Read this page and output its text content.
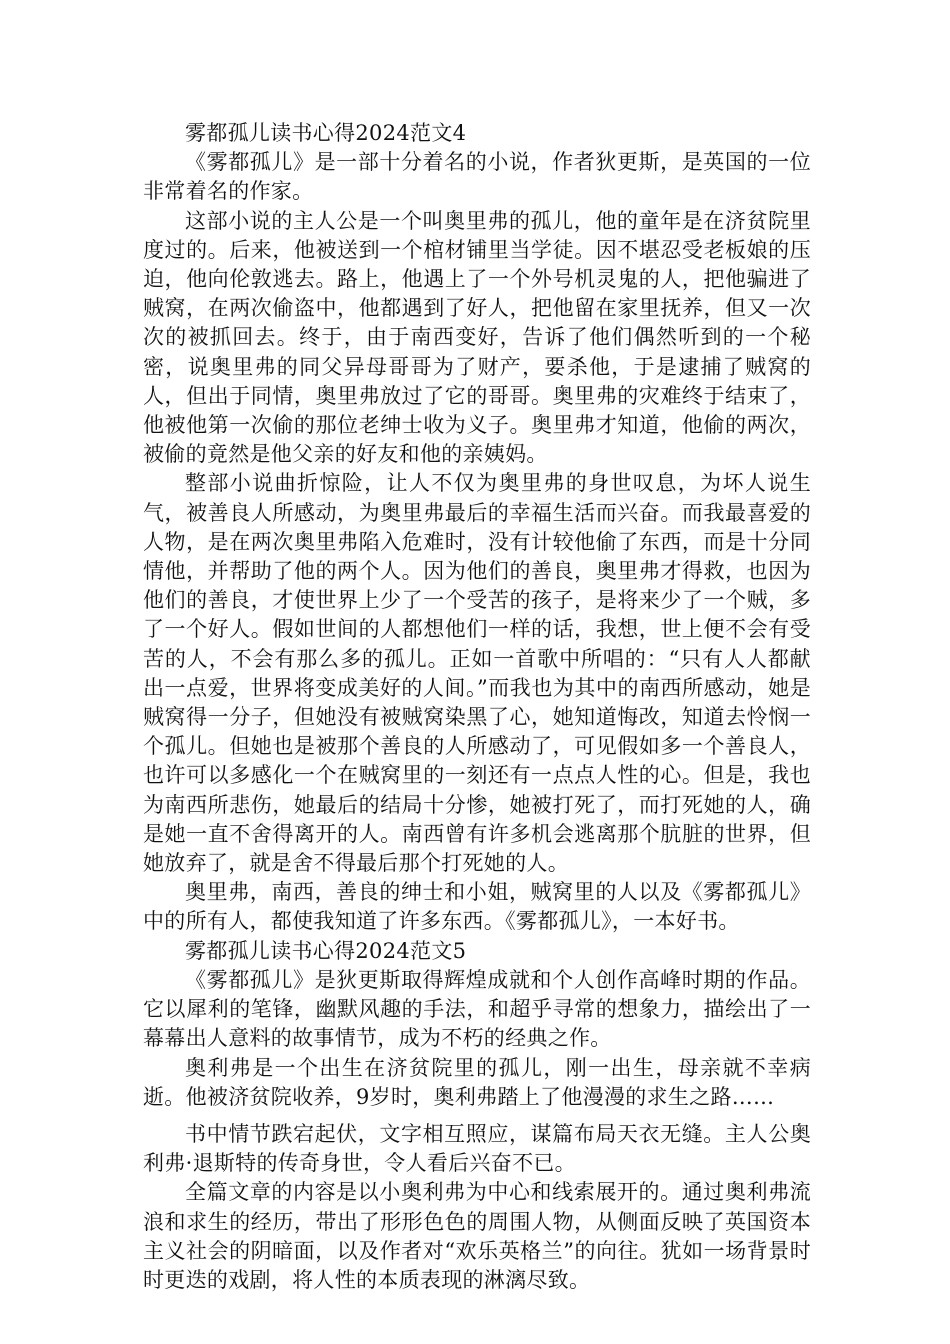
雾都孤儿读书心得2024范文4

《雾都孤儿》是一部十分着名的小说，作者狄更斯，是英国的一位非常着名的作家。

这部小说的主人公是一个叫奥里弗的孤儿，他的童年是在济贫院里度过的。后来，他被送到一个棺材铺里当学徒。因不堪忍受老板娘的压迫，他向伦敦逃去。路上，他遇上了一个外号机灵鬼的人，把他骗进了贼窝，在两次偷盗中，他都遇到了好人，把他留在家里抚养，但又一次次的被抓回去。终于，由于南西变好，告诉了他们偶然听到的一个秘密，说奥里弗的同父异母哥哥为了财产，要杀他，于是逮捕了贼窝的人，但出于同情，奥里弗放过了它的哥哥。奥里弗的灾难终于结束了，他被他第一次偷的那位老绅士收为义子。奥里弗才知道，他偷的两次，被偷的竟然是他父亲的好友和他的亲姨妈。

整部小说曲折惊险，让人不仅为奥里弗的身世叹息，为坏人说生气，被善良人所感动，为奥里弗最后的幸福生活而兴奋。而我最喜爱的人物，是在两次奥里弗陷入危难时，没有计较他偷了东西，而是十分同情他，并帮助了他的两个人。因为他们的善良，奥里弗才得救，也因为他们的善良，才使世界上少了一个受苦的孩子，是将来少了一个贼，多了一个好人。假如世间的人都想他们一样的话，我想，世上便不会有受苦的人，不会有那么多的孤儿。正如一首歌中所唱的：“只有人人都献出一点爱，世界将变成美好的人间。”而我也为其中的南西所感动，她是贼窝得一分子，但她没有被贼窝染黑了心，她知道悔改，知道去怜悯一个孤儿。但她也是被那个善良的人所感动了，可见假如多一个善良人，也许可以多感化一个在贼窝里的一刻还有一点点人性的心。但是，我也为南西所悲伤，她最后的结局十分惨，她被打死了，而打死她的人，确是她一直不舍得离开的人。南西曾有许多机会逃离那个肮脏的世界，但她放弃了，就是舍不得最后那个打死她的人。

奥里弗，南西，善良的绅士和小姐，贼窝里的人以及《雾都孤儿》中的所有人，都使我知道了许多东西。《雾都孤儿》，一本好书。

雾都孤儿读书心得2024范文5

《雾都孤儿》是狄更斯取得辉煌成就和个人创作高峰时期的作品。它以犀利的笔锋，幽默风趣的手法，和超乎寻常的想象力，描绘出了一幕幕出人意料的故事情节，成为不朽的经典之作。

奥利弗是一个出生在济贫院里的孤儿，刚一出生，母亲就不幸病逝。他被济贫院收养，9岁时，奥利弗踏上了他漫漫的求生之路……

书中情节跌宕起伏，文字相互照应，谋篇布局天衣无缝。主人公奥利弗·退斯特的传奇身世，令人看后兴奋不已。

全篇文章的内容是以小奥利弗为中心和线索展开的。通过奥利弗流浪和求生的经历，带出了形形色色的周围人物，从侧面反映了英国资本主义社会的阴暗面，以及作者对“欢乐英格兰”的向往。犹如一场背景时时更迭的戏剧，将人性的本质表现的淋漓尽致。
